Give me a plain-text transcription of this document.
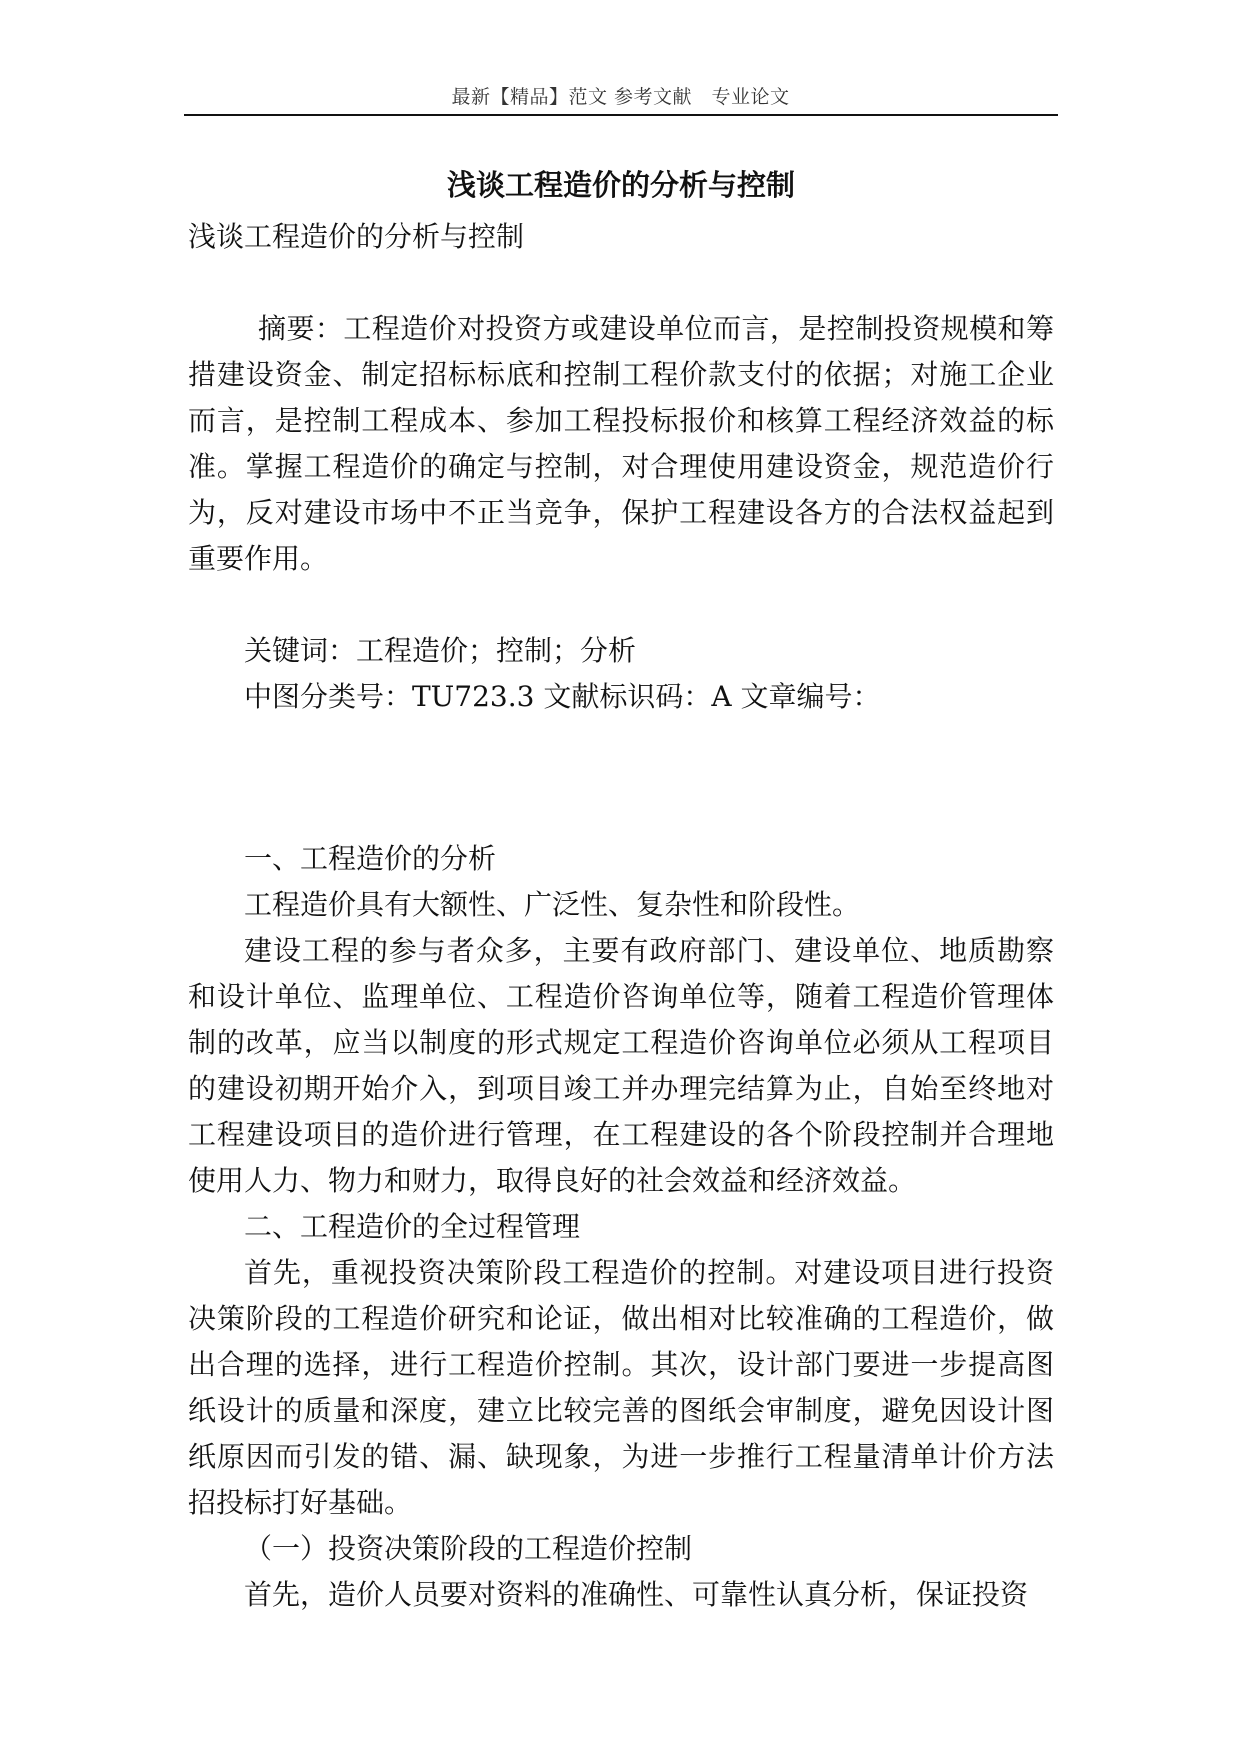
最新【精品】范文 参考文献　专业论文
浅谈工程造价的分析与控制

浅谈工程造价的分析与控制

摘要：工程造价对投资方或建设单位而言，是控制投资规模和筹措建设资金、制定招标标底和控制工程价款支付的依据；对施工企业而言，是控制工程成本、参加工程投标报价和核算工程经济效益的标准。掌握工程造价的确定与控制，对合理使用建设资金，规范造价行为，反对建设市场中不正当竞争，保护工程建设各方的合法权益起到重要作用。

关键词：工程造价；控制；分析

中图分类号：TU723.3 文献标识码：A 文章编号：

一、工程造价的分析

工程造价具有大额性、广泛性、复杂性和阶段性。

建设工程的参与者众多，主要有政府部门、建设单位、地质勘察和设计单位、监理单位、工程造价咨询单位等，随着工程造价管理体制的改革，应当以制度的形式规定工程造价咨询单位必须从工程项目的建设初期开始介入，到项目竣工并办理完结算为止，自始至终地对工程建设项目的造价进行管理，在工程建设的各个阶段控制并合理地使用人力、物力和财力，取得良好的社会效益和经济效益。

二、工程造价的全过程管理

首先，重视投资决策阶段工程造价的控制。对建设项目进行投资决策阶段的工程造价研究和论证，做出相对比较准确的工程造价，做出合理的选择，进行工程造价控制。其次，设计部门要进一步提高图纸设计的质量和深度，建立比较完善的图纸会审制度，避免因设计图纸原因而引发的错、漏、缺现象，为进一步推行工程量清单计价方法招投标打好基础。

（一）投资决策阶段的工程造价控制

首先，造价人员要对资料的准确性、可靠性认真分析，保证投资
